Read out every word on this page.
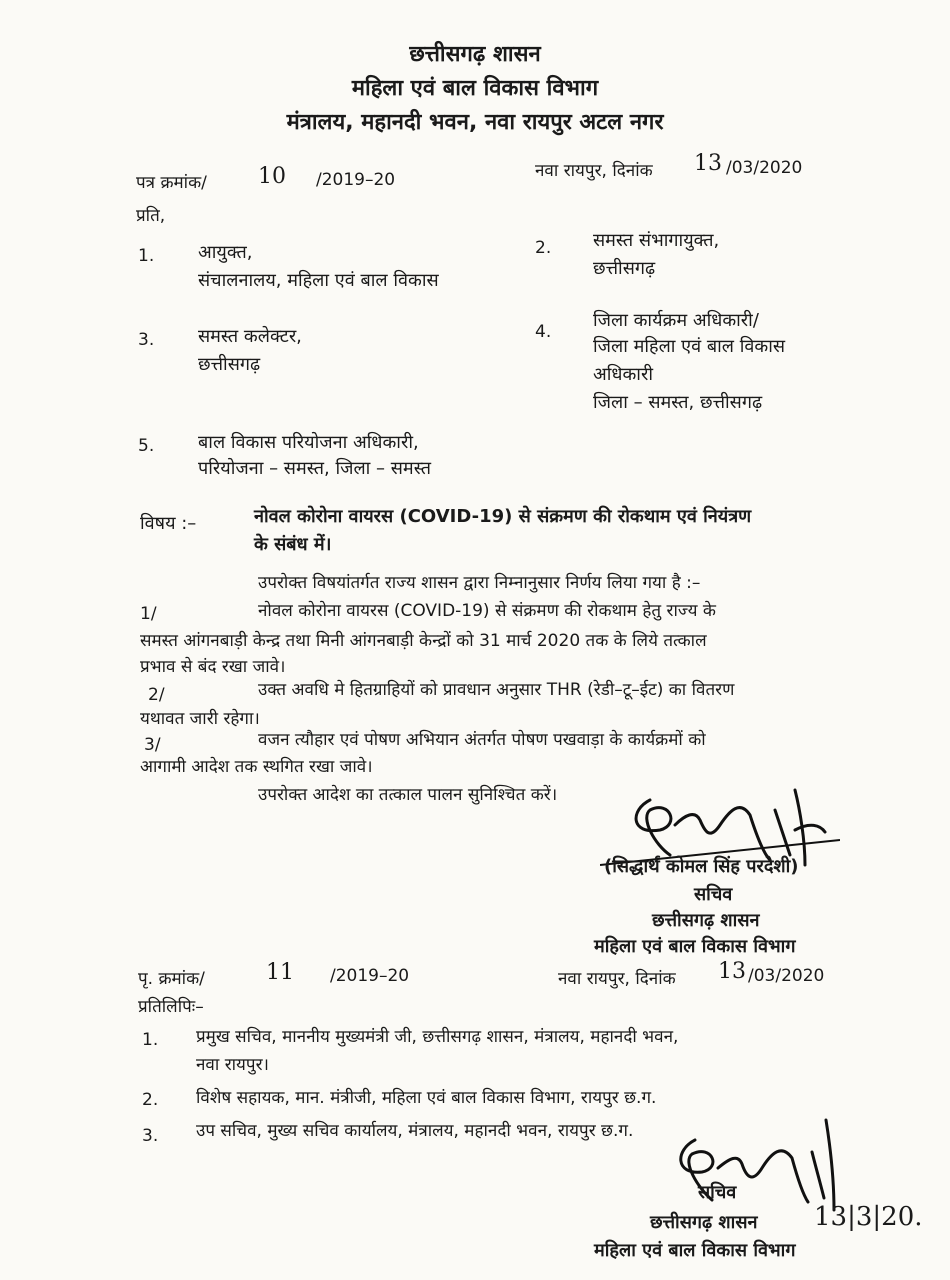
छत्तीसगढ़ शासन
महिला एवं बाल विकास विभाग
मंत्रालय, महानदी भवन, नवा रायपुर अटल नगर
पत्र क्रमांक/ 10 /2019–20	नवा रायपुर, दिनांक 13 /03/2020
प्रति,
1. आयुक्त,
संचालनालय, महिला एवं बाल विकास
2. समस्त संभागायुक्त,
छत्तीसगढ़
3. समस्त कलेक्टर,
छत्तीसगढ़
4.
जिला कार्यक्रम अधिकारी/
जिला महिला एवं बाल विकास
अधिकारी
जिला – समस्त, छत्तीसगढ़
5. बाल विकास परियोजना अधिकारी,
परियोजना – समस्त, जिला – समस्त
विषय :–	नोवल कोरोना वायरस (COVID-19) से संक्रमण की रोकथाम एवं नियंत्रण
के संबंध में।
उपरोक्त विषयांतर्गत राज्य शासन द्वारा निम्नानुसार निर्णय लिया गया है :–
1/	नोवल कोरोना वायरस (COVID-19) से संक्रमण की रोकथाम हेतु राज्य के
समस्त आंगनबाड़ी केन्द्र तथा मिनी आंगनबाड़ी केन्द्रों को 31 मार्च 2020 तक के लिये तत्काल
प्रभाव से बंद रखा जावे।
2/	उक्त अवधि मे हितग्राहियों को प्रावधान अनुसार THR (रेडी–टू–ईट) का वितरण
यथावत जारी रहेगा।
3/	वजन त्यौहार एवं पोषण अभियान अंतर्गत पोषण पखवाड़ा के कार्यक्रमों को
आगामी आदेश तक स्थगित रखा जावे।
उपरोक्त आदेश का तत्काल पालन सुनिश्चित करें।
(सिद्धार्थ कोमल सिंह परदेशी)
सचिव
छत्तीसगढ़ शासन
महिला एवं बाल विकास विभाग
पृ. क्रमांक/	11 /2019–20	नवा रायपुर, दिनांक 13 /03/2020
प्रतिलिपिः–
1. प्रमुख सचिव, माननीय मुख्यमंत्री जी, छत्तीसगढ़ शासन, मंत्रालय, महानदी भवन,
नवा रायपुर।
2. विशेष सहायक, मान. मंत्रीजी, महिला एवं बाल विकास विभाग, रायपुर छ.ग.
3. उप सचिव, मुख्य सचिव कार्यालय, मंत्रालय, महानदी भवन, रायपुर छ.ग.
सचिव
छत्तीसगढ़ शासन
महिला एवं बाल विकास विभाग
13|3|20.
